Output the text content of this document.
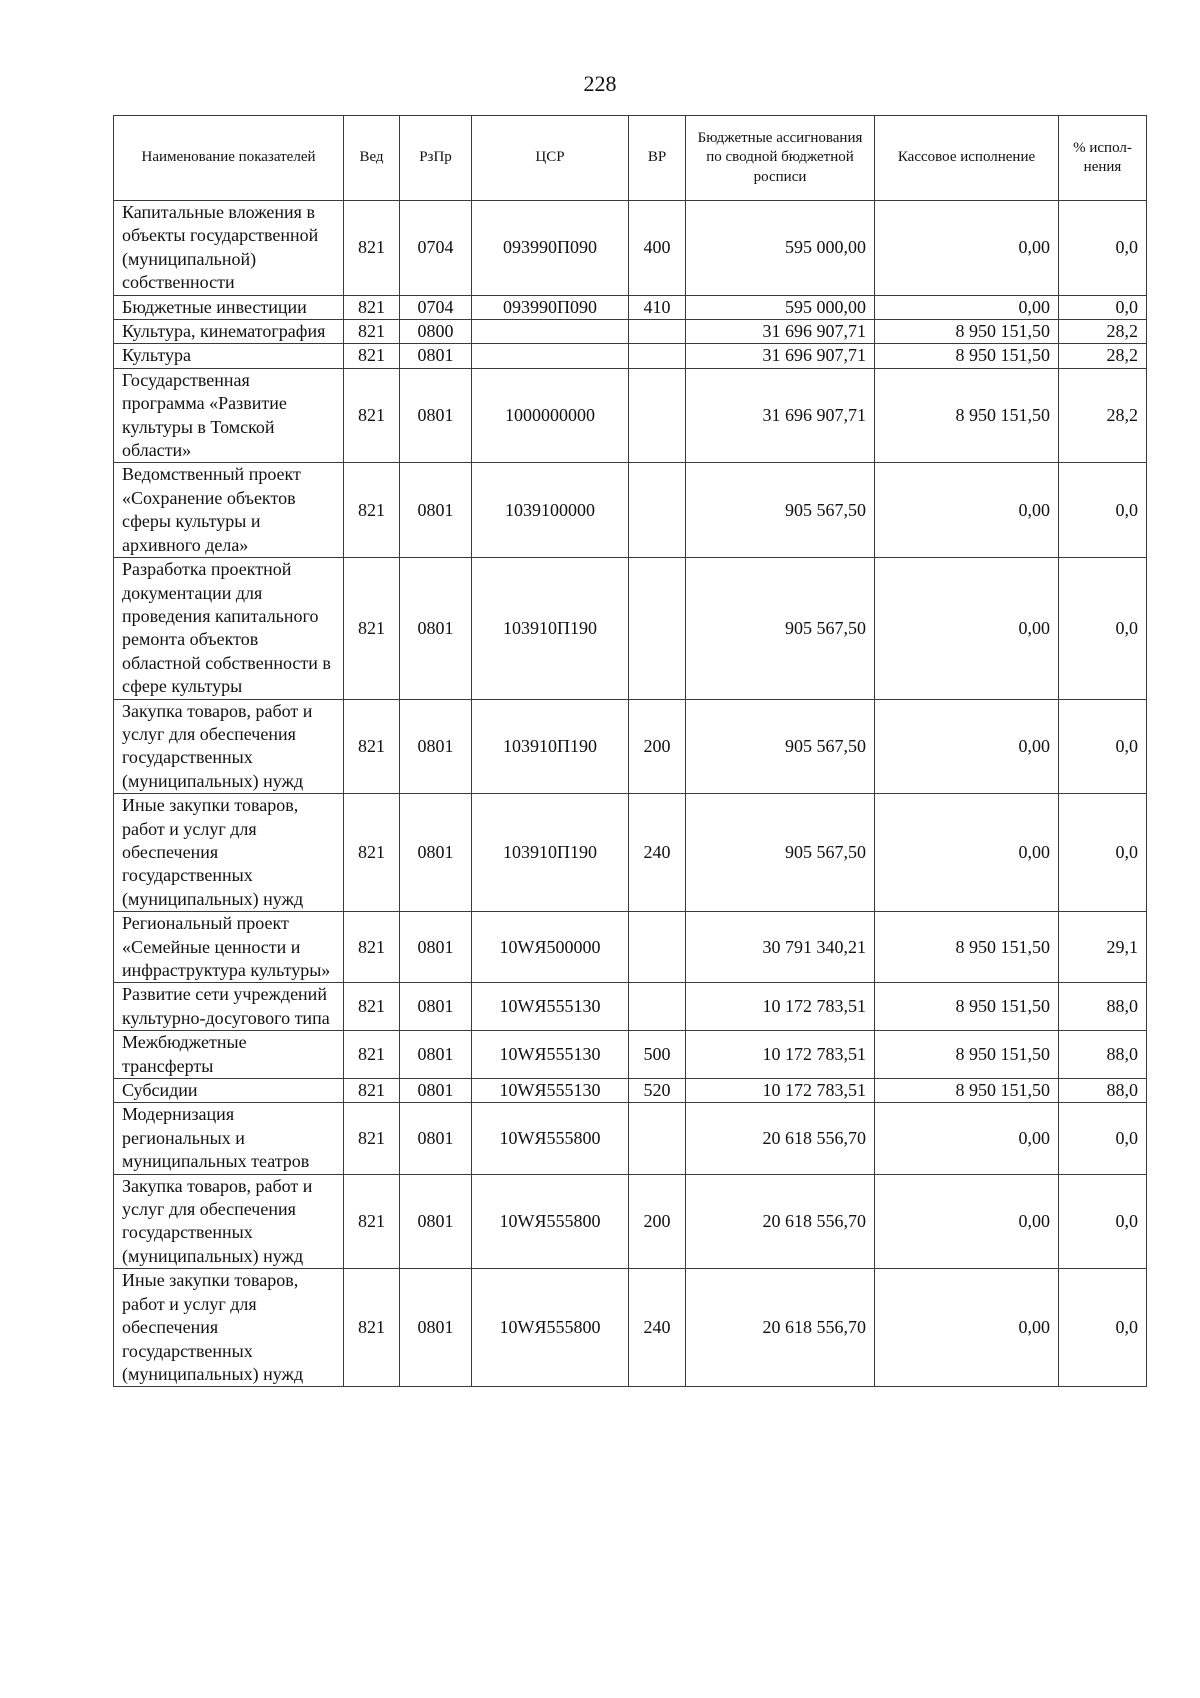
228
Наименование показателей	Вед	РзПр	ЦСР	ВР	Бюджетные ассигнования по сводной бюджетной росписи	Кассовое исполнение	% испол-нения
Капитальные вложения в объекты государственной (муниципальной) собственности	821	0704	093990П090	400	595 000,00	0,00	0,0
Бюджетные инвестиции	821	0704	093990П090	410	595 000,00	0,00	0,0
Культура, кинематография	821	0800			31 696 907,71	8 950 151,50	28,2
Культура	821	0801			31 696 907,71	8 950 151,50	28,2
Государственная программа «Развитие культуры в Томской области»	821	0801	1000000000		31 696 907,71	8 950 151,50	28,2
Ведомственный проект «Сохранение объектов сферы культуры и архивного дела»	821	0801	1039100000		905 567,50	0,00	0,0
Разработка проектной документации для проведения капитального ремонта объектов областной собственности в сфере культуры	821	0801	103910П190		905 567,50	0,00	0,0
Закупка товаров, работ и услуг для обеспечения государственных (муниципальных) нужд	821	0801	103910П190	200	905 567,50	0,00	0,0
Иные закупки товаров, работ и услуг для обеспечения государственных (муниципальных) нужд	821	0801	103910П190	240	905 567,50	0,00	0,0
Региональный проект «Семейные ценности и инфраструктура культуры»	821	0801	10WЯ500000		30 791 340,21	8 950 151,50	29,1
Развитие сети учреждений культурно-досугового типа	821	0801	10WЯ555130		10 172 783,51	8 950 151,50	88,0
Межбюджетные трансферты	821	0801	10WЯ555130	500	10 172 783,51	8 950 151,50	88,0
Субсидии	821	0801	10WЯ555130	520	10 172 783,51	8 950 151,50	88,0
Модернизация региональных и муниципальных театров	821	0801	10WЯ555800		20 618 556,70	0,00	0,0
Закупка товаров, работ и услуг для обеспечения государственных (муниципальных) нужд	821	0801	10WЯ555800	200	20 618 556,70	0,00	0,0
Иные закупки товаров, работ и услуг для обеспечения государственных (муниципальных) нужд	821	0801	10WЯ555800	240	20 618 556,70	0,00	0,0
